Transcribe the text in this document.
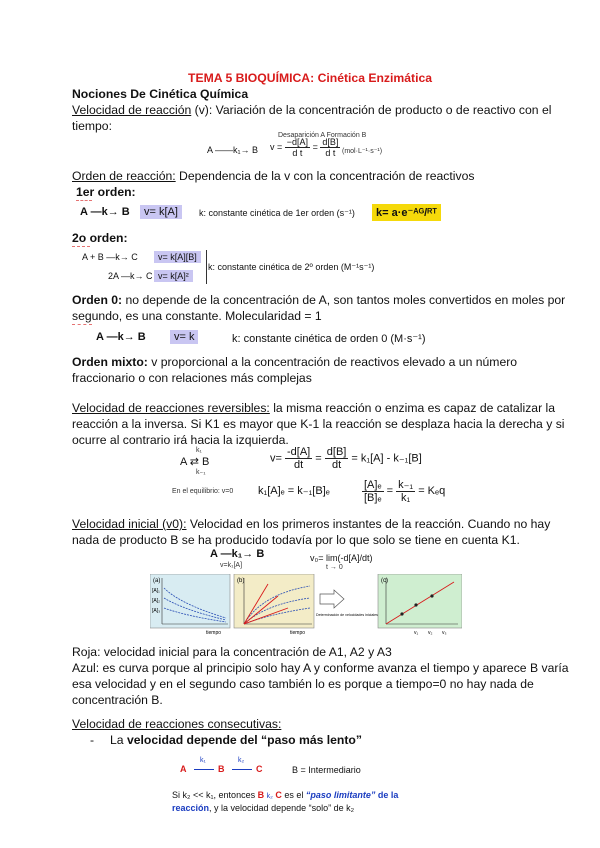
TEMA 5 BIOQUÍMICA: Cinética Enzimática
Nociones De Cinética Química
Velocidad de reacción (v): Variación de la concentración de producto o de reactivo con el
tiempo:
Desaparición A Formación B
A ——k₁→ B $v = \frac{-d[A]}{\text{d t}} = \frac{d[B]}{\text{d t}} (mol\cdot L^{-1}\cdot s^{-1})$
Orden de reacción: Dependencia de la v con la concentración de reactivos
1er orden:
A —k→ B	v= k[A]	k: constante cinética de 1er orden (s⁻¹)	k= a·e⁻ᴬᴳ/ᴿᵀ
2o orden:
A + B —k→ C	v= k[A][B]
2A —k→ C v= k[A]²
k: constante cinética de 2º orden (M⁻¹s⁻¹)
Orden 0: no depende de la concentración de A, son tantos moles convertidos en moles por
segundo, es una constante. Molecularidad = 1
A —k→ B	v= k	k: constante cinética de orden 0 (M·s⁻¹)
Orden mixto: v proporcional a la concentración de reactivos elevado a un número
fraccionario o con relaciones más complejas
Velocidad de reacciones reversibles: la misma reacción o enzima es capaz de catalizar la
reacción a la inversa. Si K1 es mayor que K-1 la reacción se desplaza hacia la derecha y si
ocurre al contrario irá hacia la izquierda.
k₁
A ⇄ B
k₋₁
$v= \frac{-d[A]}{dt} = \frac{d[B]}{dt} = k_1[A] - k_{-1}[B]$
En el equilibrio: v=0 k₁[A]ₑ = k₋₁[B]ₑ	$\frac{\text{[A]ₑ}}{\text{[B]ₑ}} = \frac{\text{k₋₁}}{\text{k₁}} = K_eq$
Velocidad inicial (v0): Velocidad en los primeros instantes de la reacción. Cuando no hay
nada de producto B se ha producido todavía por lo que solo se tiene en cuenta K1.
A —k₁→ B
v=k₁[A]
v₀= lim(-d[A]/dt)
t → 0
(a)	(b)	(c)
[A]₁
[A]₂
[A]₃
tiempo	tiempo
Determinación de velocidades iniciales
v₁ v₂ v₃
Roja: velocidad inicial para la concentración de A1, A2 y A3
Azul: es curva porque al principio solo hay A y conforme avanza el tiempo y aparece B varía
esa velocidad y en el segundo caso también lo es porque a tiempo=0 no hay nada de
concentración B.
Velocidad de reacciones consecutivas:
- La velocidad depende del “paso más lento”
A
k₁
B
k₂
C	B = Intermediario
Si k₂ << k₁, entonces B k₂ C es el “paso limitante” de la
reacción, y la velocidad depende “solo” de k₂
